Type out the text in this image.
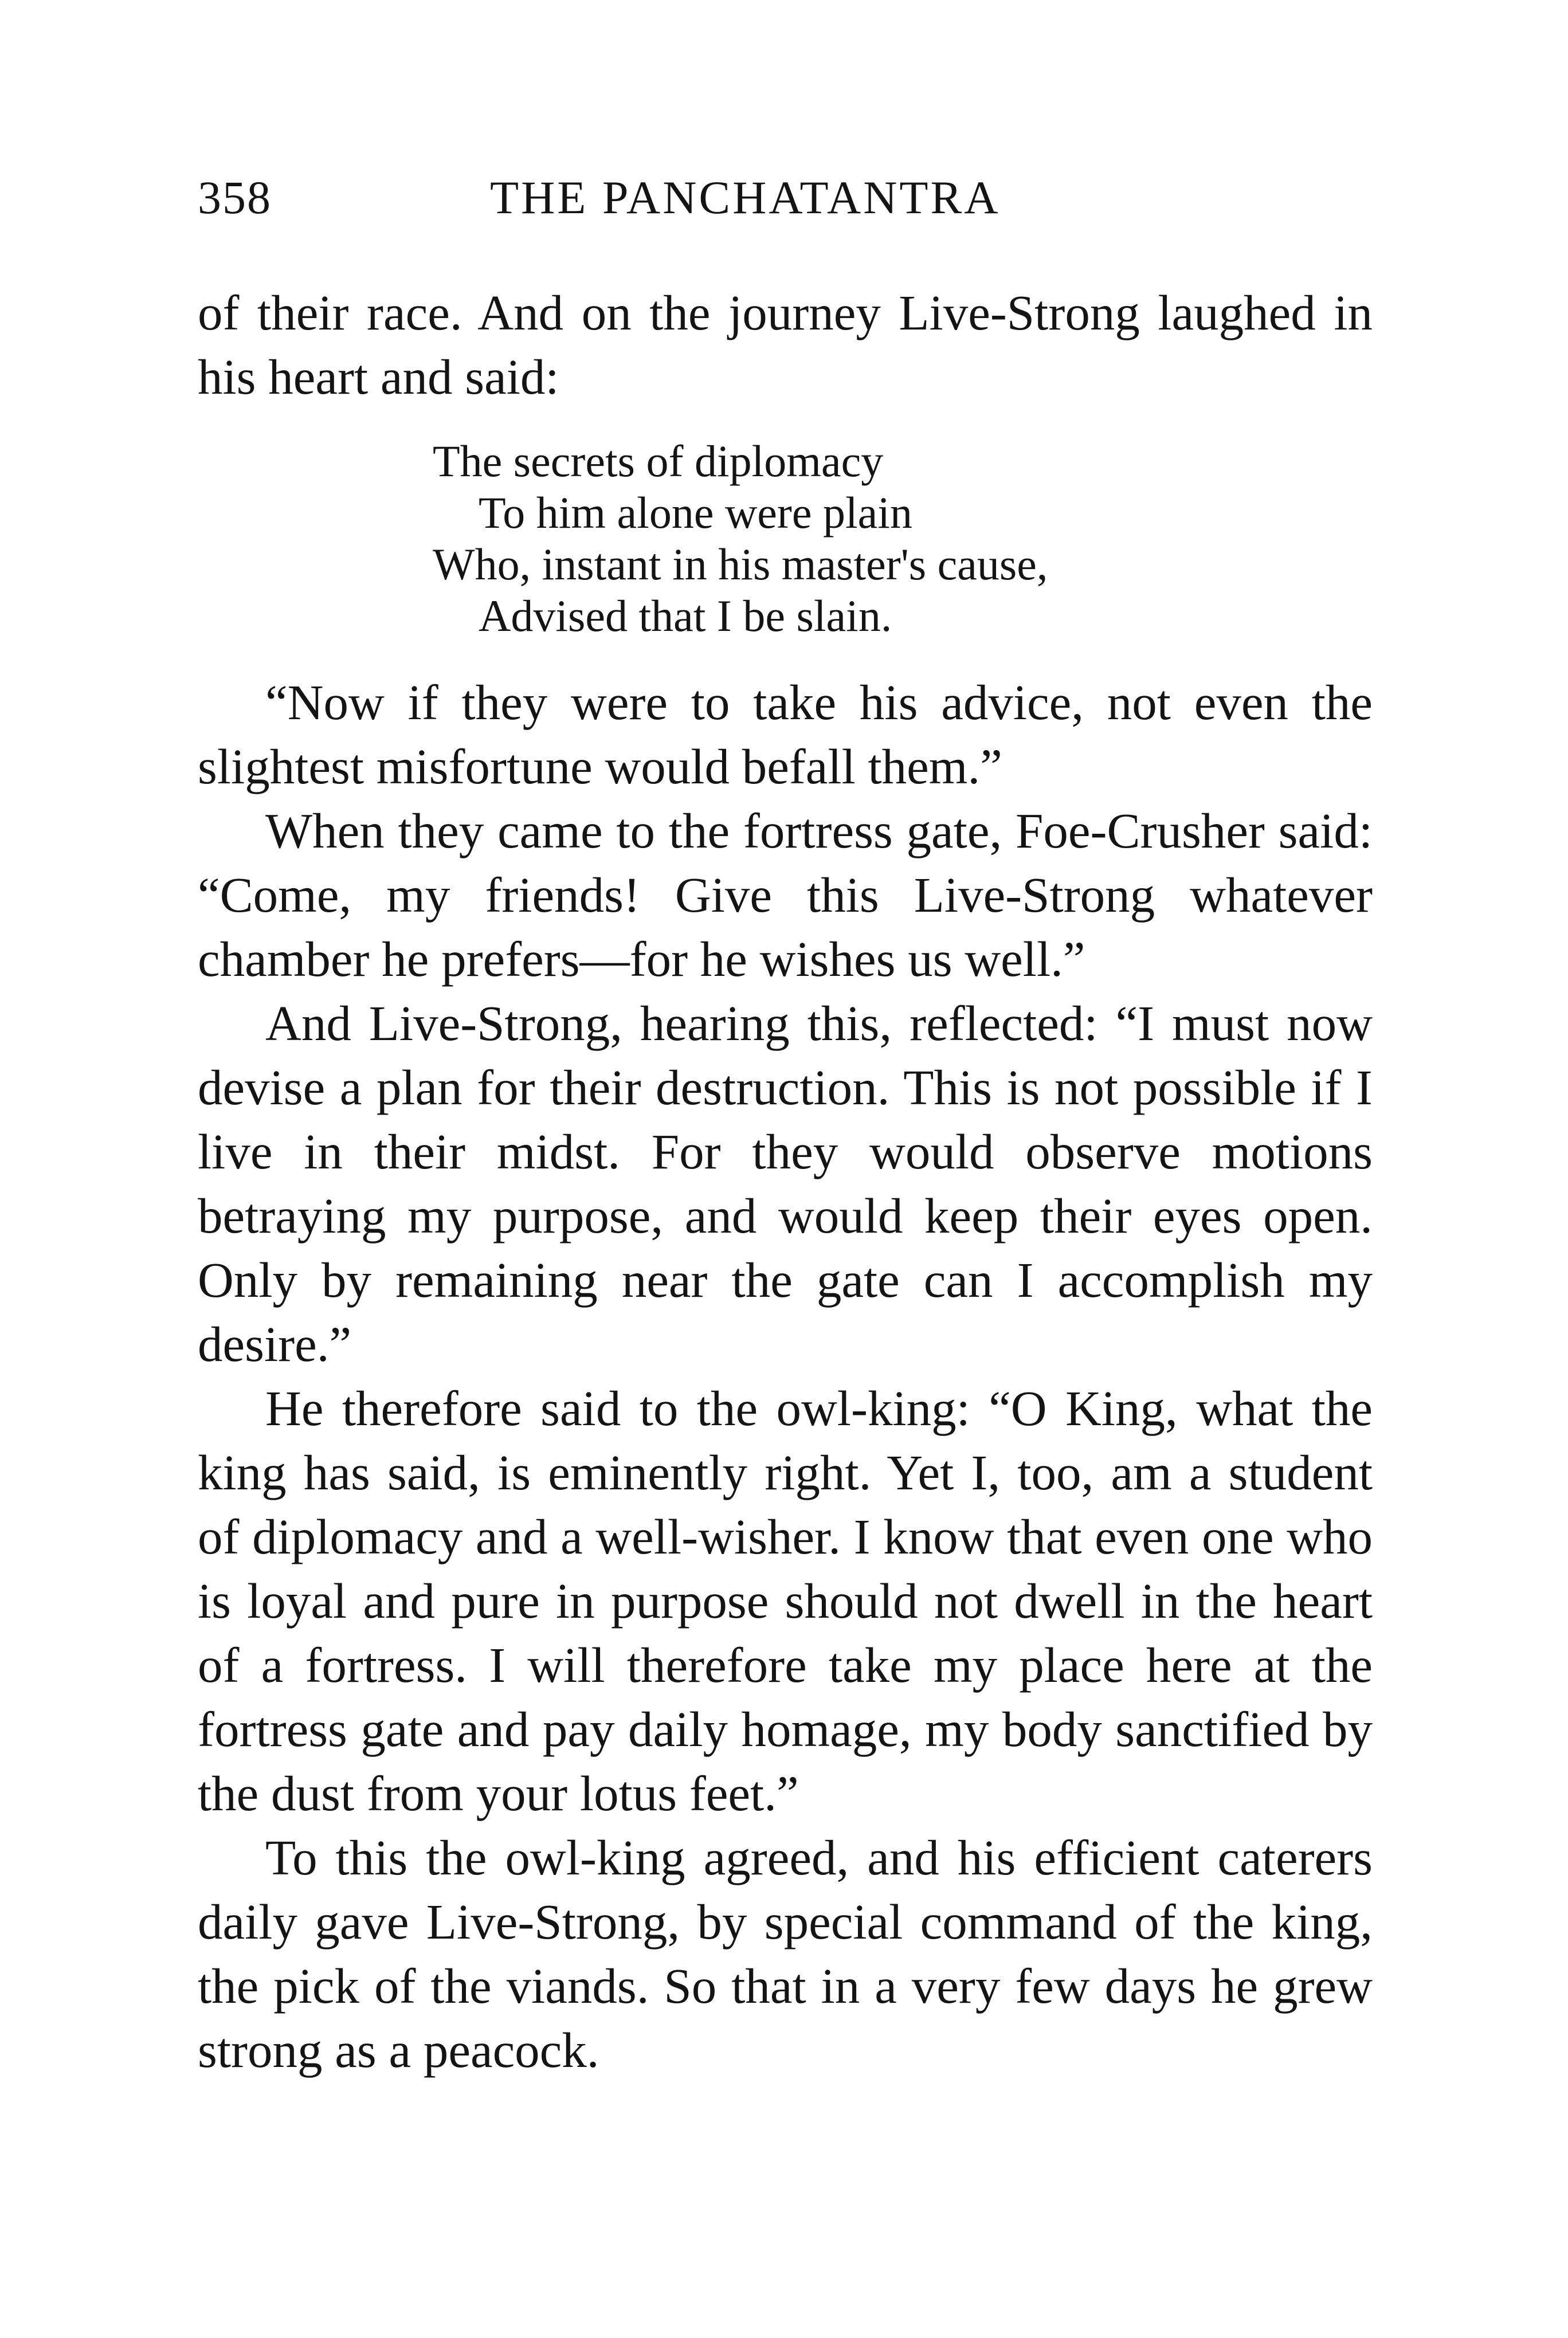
358	THE PANCHATANTRA

of their race. And on the journey Live-Strong laughed in his heart and said:

The secrets of diplomacy
To him alone were plain
Who, instant in his master's cause,
Advised that I be slain.

“Now if they were to take his advice, not even the slightest misfortune would befall them.”

When they came to the fortress gate, Foe-Crusher said: “Come, my friends! Give this Live-Strong whatever chamber he prefers—for he wishes us well.”

And Live-Strong, hearing this, reflected: “I must now devise a plan for their destruction. This is not possible if I live in their midst. For they would observe motions betraying my purpose, and would keep their eyes open. Only by remaining near the gate can I accomplish my desire.”

He therefore said to the owl-king: “O King, what the king has said, is eminently right. Yet I, too, am a student of diplomacy and a well-wisher. I know that even one who is loyal and pure in purpose should not dwell in the heart of a fortress. I will therefore take my place here at the fortress gate and pay daily homage, my body sanctified by the dust from your lotus feet.”

To this the owl-king agreed, and his efficient caterers daily gave Live-Strong, by special command of the king, the pick of the viands. So that in a very few days he grew strong as a peacock.
